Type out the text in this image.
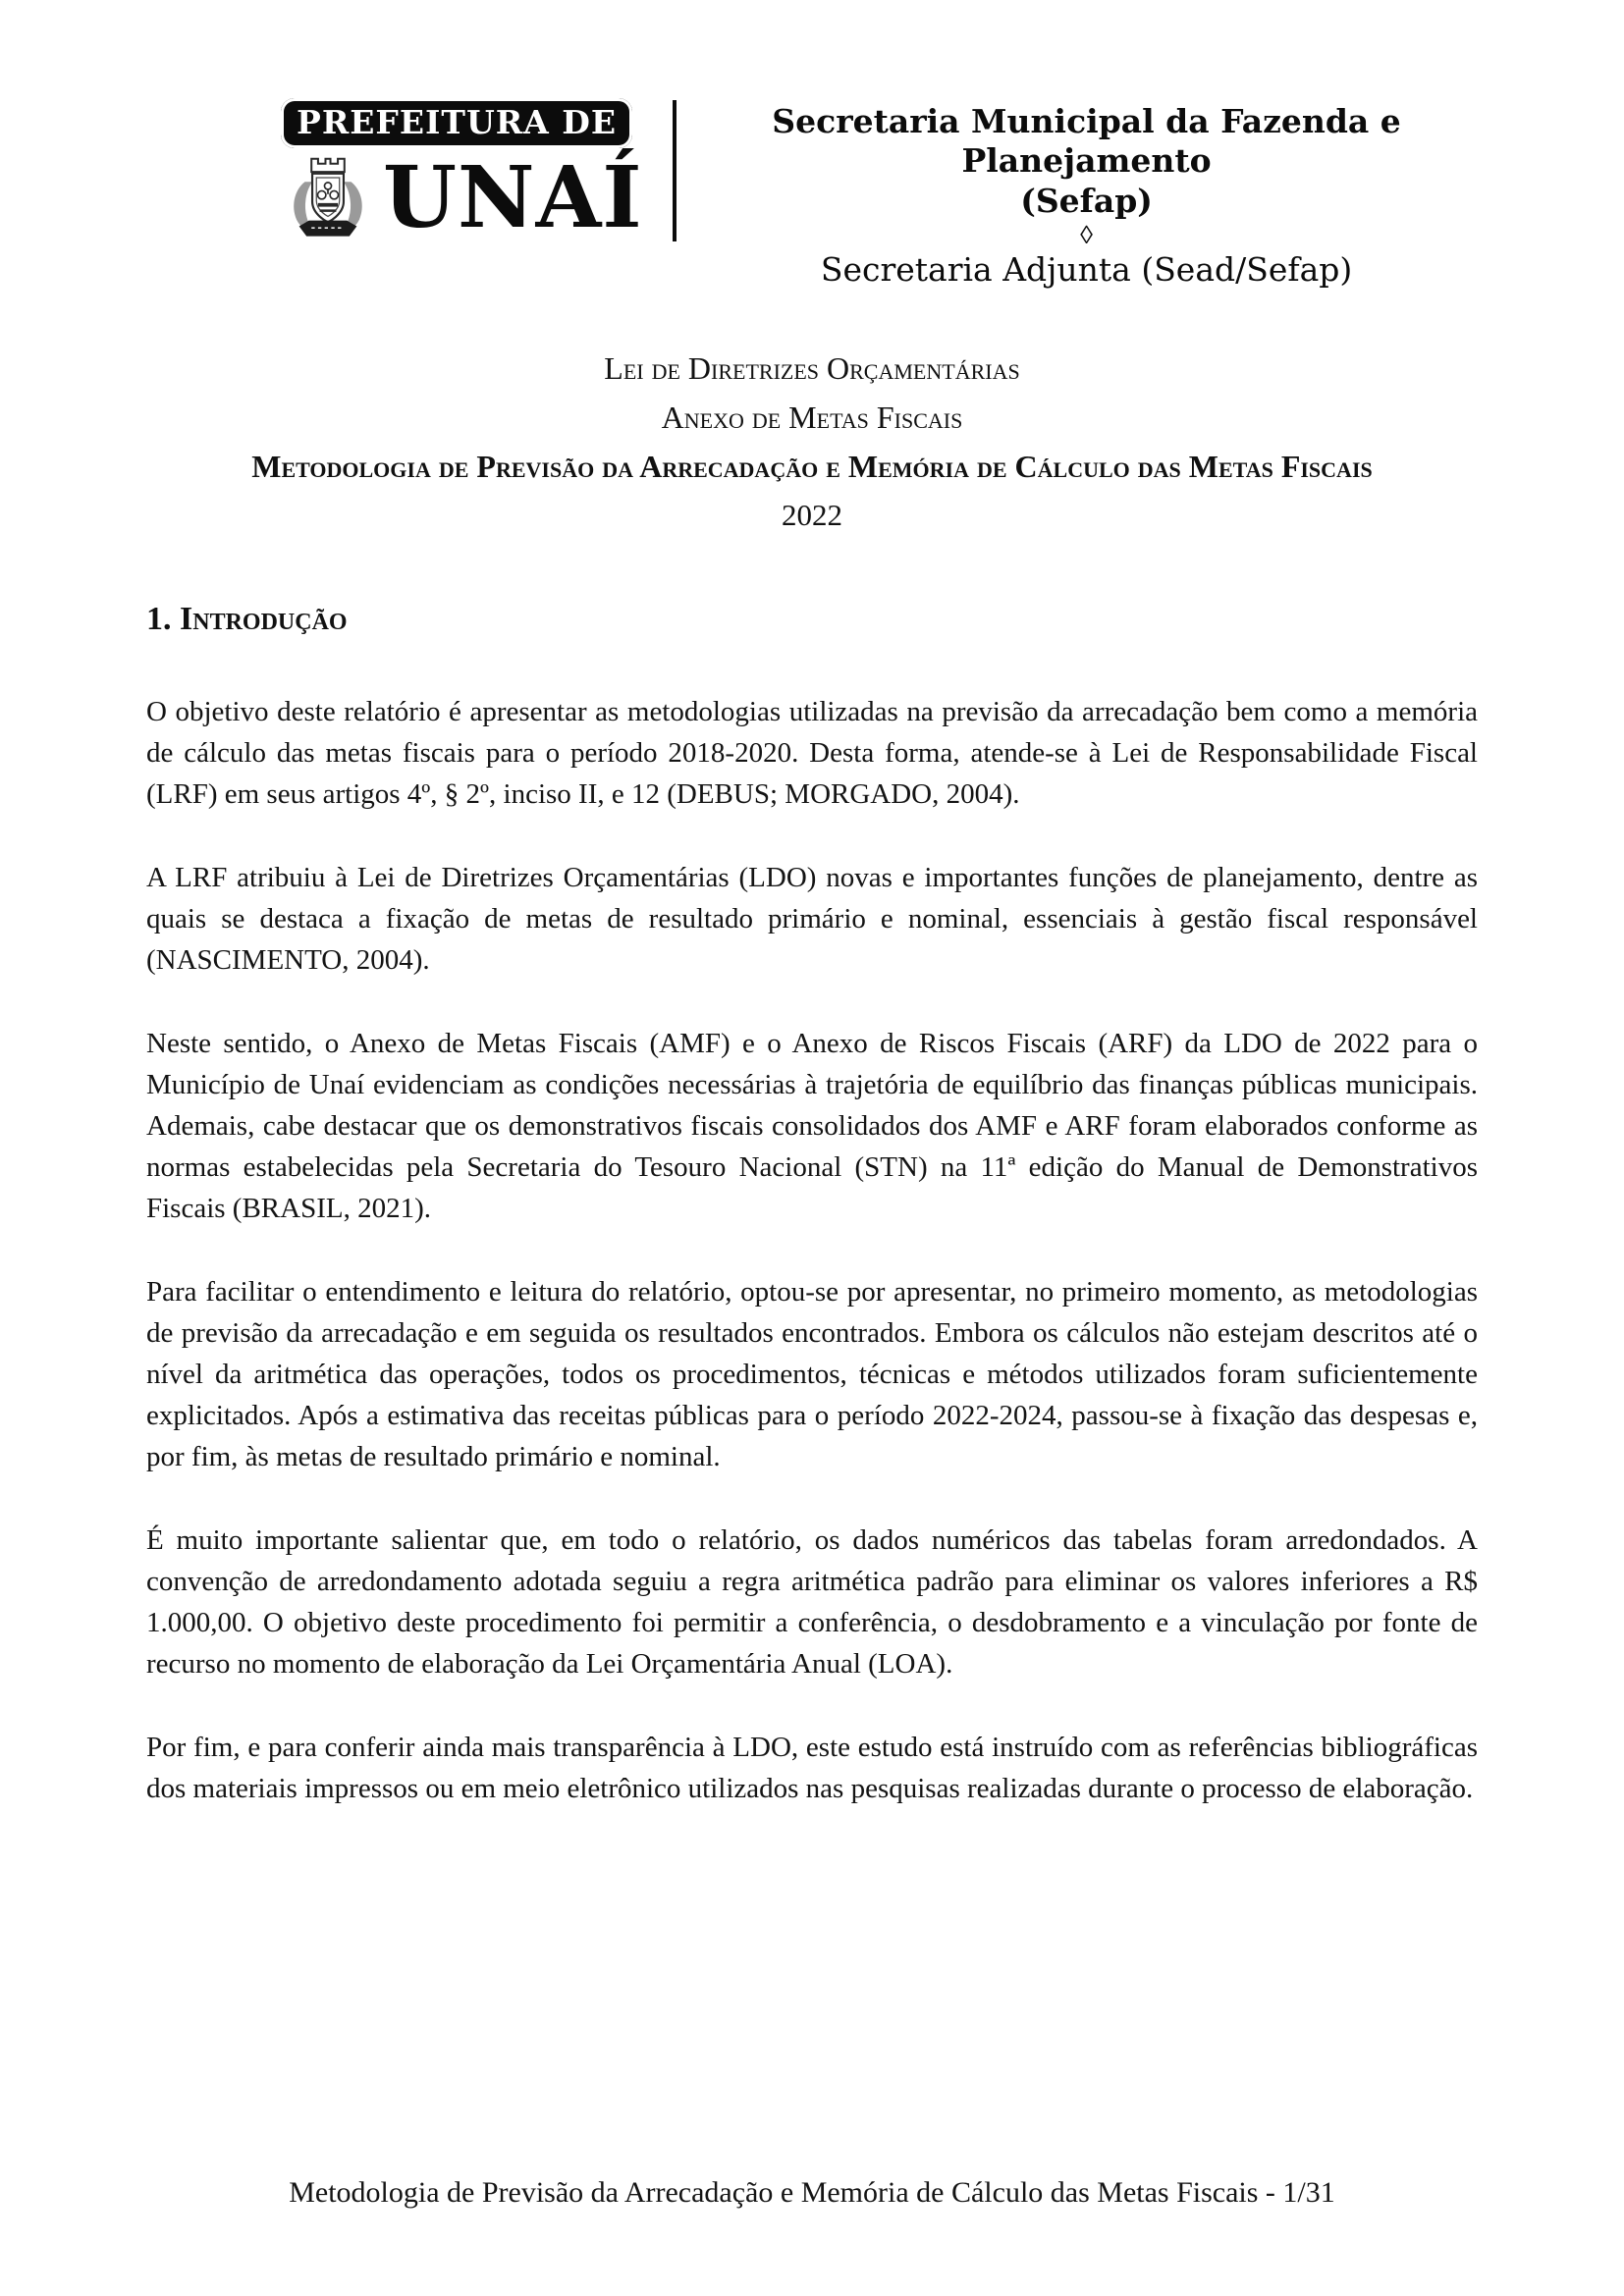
PREFEITURA DE
UNAÍ
Secretaria Municipal da Fazenda e Planejamento
(Sefap)
◊
Secretaria Adjunta (Sead/Sefap)
Lei de Diretrizes Orçamentárias
Anexo de Metas Fiscais
Metodologia de Previsão da Arrecadação e Memória de Cálculo das Metas Fiscais
2022
1. Introdução

O objetivo deste relatório é apresentar as metodologias utilizadas na previsão da arrecadação bem como a memória de cálculo das metas fiscais para o período 2018-2020. Desta forma, atende-se à Lei de Responsabilidade Fiscal (LRF) em seus artigos 4º, § 2º, inciso II, e 12 (DEBUS; MORGADO, 2004).

A LRF atribuiu à Lei de Diretrizes Orçamentárias (LDO) novas e importantes funções de planejamento, dentre as quais se destaca a fixação de metas de resultado primário e nominal, essenciais à gestão fiscal responsável (NASCIMENTO, 2004).

Neste sentido, o Anexo de Metas Fiscais (AMF) e o Anexo de Riscos Fiscais (ARF) da LDO de 2022 para o Município de Unaí evidenciam as condições necessárias à trajetória de equilíbrio das finanças públicas municipais. Ademais, cabe destacar que os demonstrativos fiscais consolidados dos AMF e ARF foram elaborados conforme as normas estabelecidas pela Secretaria do Tesouro Nacional (STN) na 11ª edição do Manual de Demonstrativos Fiscais (BRASIL, 2021).

Para facilitar o entendimento e leitura do relatório, optou-se por apresentar, no primeiro momento, as metodologias de previsão da arrecadação e em seguida os resultados encontrados. Embora os cálculos não estejam descritos até o nível da aritmética das operações, todos os procedimentos, técnicas e métodos utilizados foram suficientemente explicitados. Após a estimativa das receitas públicas para o período 2022-2024, passou-se à fixação das despesas e, por fim, às metas de resultado primário e nominal.

É muito importante salientar que, em todo o relatório, os dados numéricos das tabelas foram arredondados. A convenção de arredondamento adotada seguiu a regra aritmética padrão para eliminar os valores inferiores a R$ 1.000,00. O objetivo deste procedimento foi permitir a conferência, o desdobramento e a vinculação por fonte de recurso no momento de elaboração da Lei Orçamentária Anual (LOA).

Por fim, e para conferir ainda mais transparência à LDO, este estudo está instruído com as referências bibliográficas dos materiais impressos ou em meio eletrônico utilizados nas pesquisas realizadas durante o processo de elaboração.

Metodologia de Previsão da Arrecadação e Memória de Cálculo das Metas Fiscais - 1/31
